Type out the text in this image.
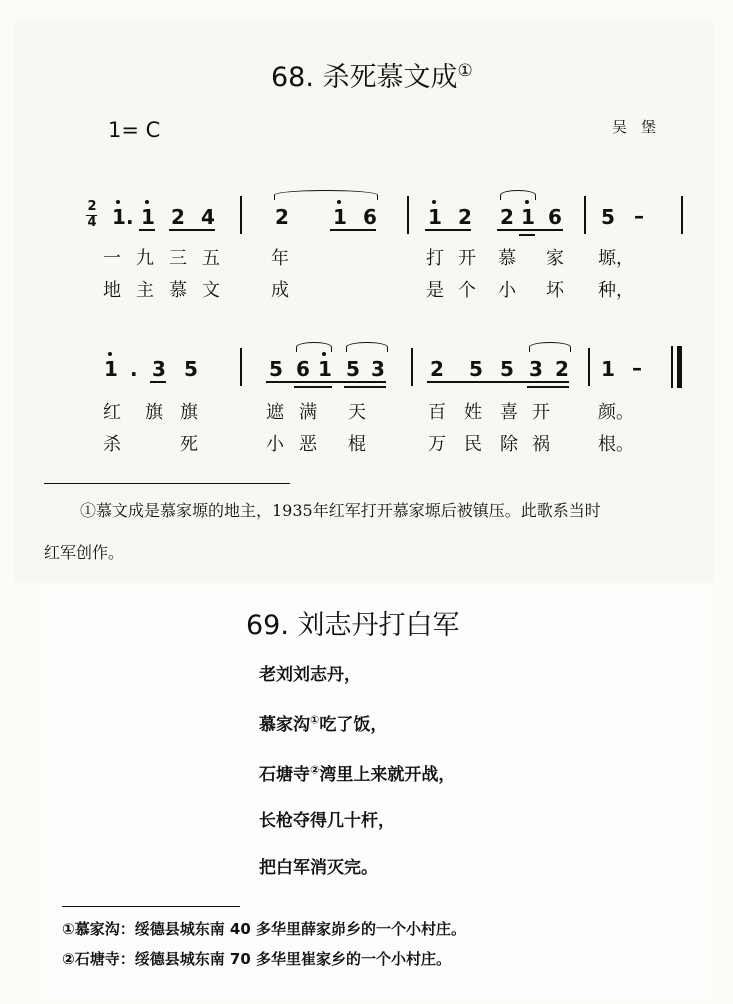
68. 杀死慕文成①
1= C	吴堡
2
4 1 . 1 2 4	2 1 6	1 2 2 1 6 5 –
一 九 三 五	年	打 开 慕 家 塬，
地 主 慕 文	成	是 个 小 坏 种，
1 . 3 5	5 6 1 5 3 2 5 5 3 2 1 –
红 旗 旗	遮 满 天	百 姓 喜 开	颜。
杀	死	小 恶 棍	万 民 除 祸	根。
①慕文成是慕家塬的地主，1935年红军打开慕家塬后被镇压。此歌系当时
红军创作。
69. 刘志丹打白军
老刘刘志丹，
慕家沟①吃了饭，
石塘寺②湾里上来就开战，
长枪夺得几十杆，
把白军消灭完。
①慕家沟：绥德县城东南 40 多华里薛家峁乡的一个小村庄。
②石塘寺：绥德县城东南 70 多华里崔家乡的一个小村庄。
